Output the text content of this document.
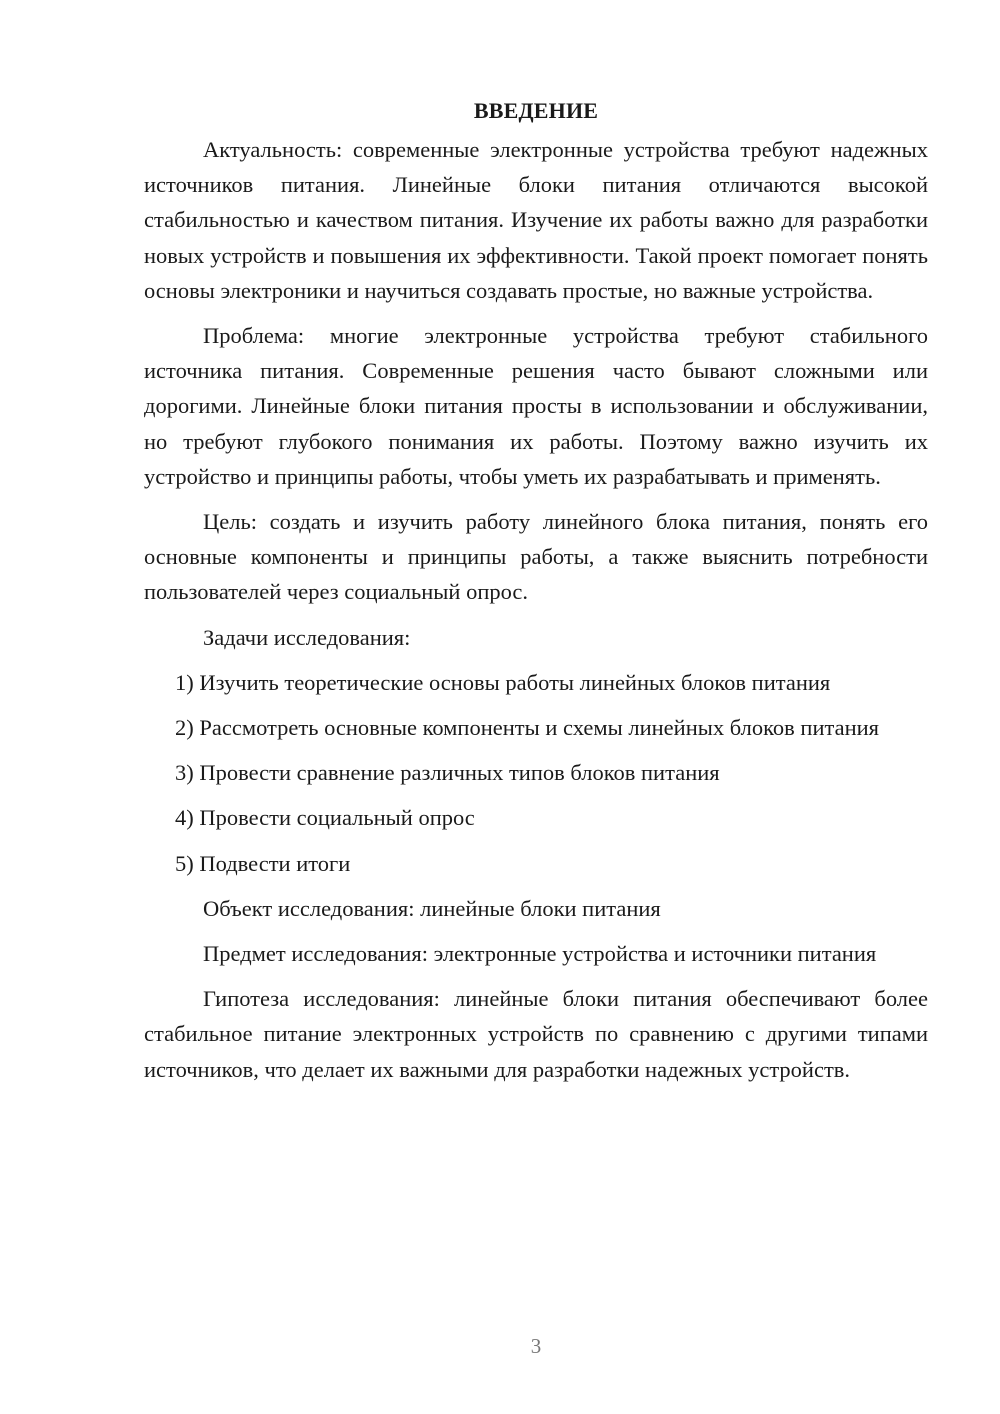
ВВЕДЕНИЕ

Актуальность: современные электронные устройства требуют надежных источников питания. Линейные блоки питания отличаются высокой стабильностью и качеством питания. Изучение их работы важно для разработки новых устройств и повышения их эффективности. Такой проект помогает понять основы электроники и научиться создавать простые, но важные устройства.

Проблема: многие электронные устройства требуют стабильного источника питания. Современные решения часто бывают сложными или дорогими. Линейные блоки питания просты в использовании и обслуживании, но требуют глубокого понимания их работы. Поэтому важно изучить их устройство и принципы работы, чтобы уметь их разрабатывать и применять.

Цель: создать и изучить работу линейного блока питания, понять его основные компоненты и принципы работы, а также выяснить потребности пользователей через социальный опрос.

Задачи исследования:

1) Изучить теоретические основы работы линейных блоков питания

2) Рассмотреть основные компоненты и схемы линейных блоков питания

3) Провести сравнение различных типов блоков питания

4) Провести социальный опрос

5) Подвести итоги

Объект исследования: линейные блоки питания

Предмет исследования: электронные устройства и источники питания

Гипотеза исследования: линейные блоки питания обеспечивают более стабильное питание электронных устройств по сравнению с другими типами источников, что делает их важными для разработки надежных устройств.

3
